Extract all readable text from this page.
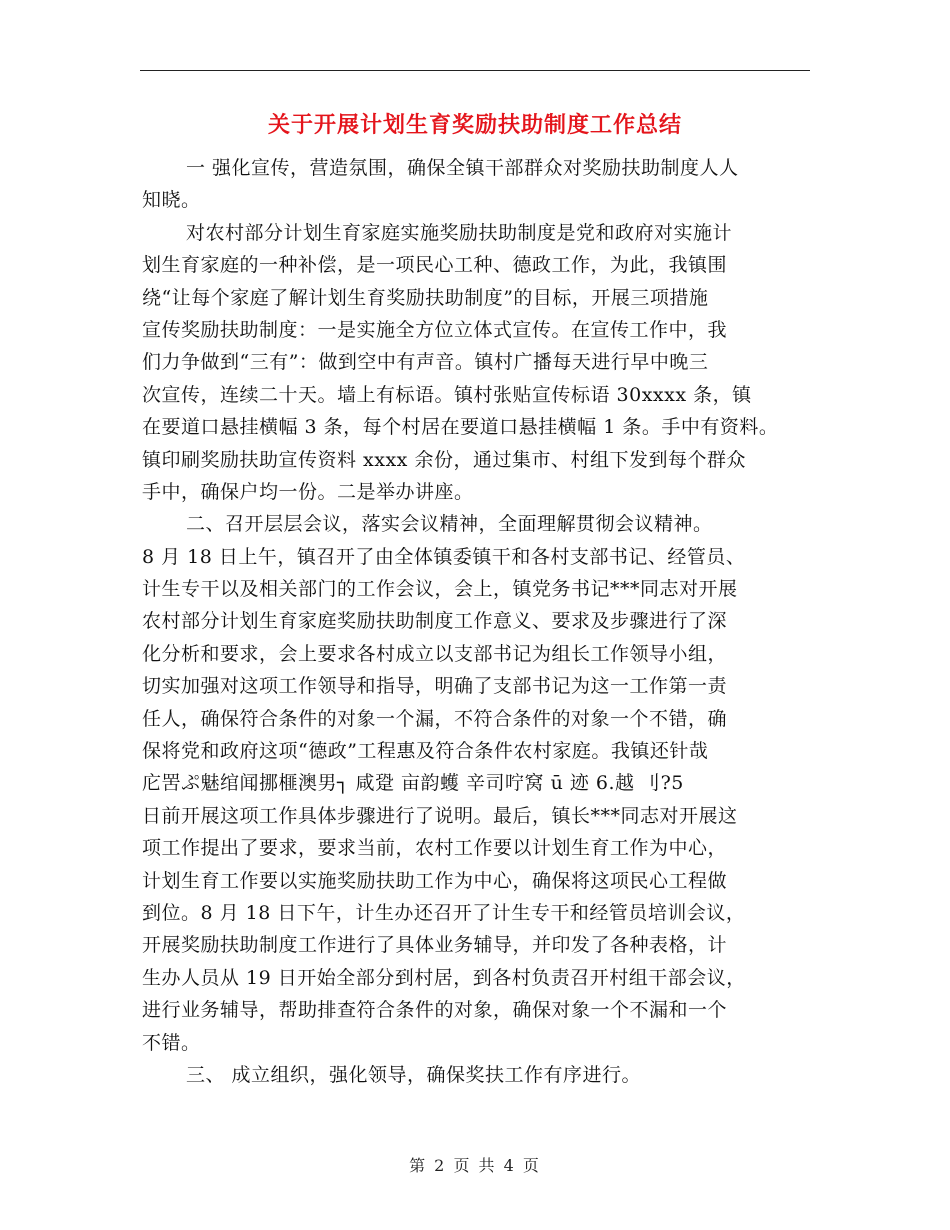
关于开展计划生育奖励扶助制度工作总结
一 强化宣传，营造氛围，确保全镇干部群众对奖励扶助制度人人
知晓。
对农村部分计划生育家庭实施奖励扶助制度是党和政府对实施计
划生育家庭的一种补偿，是一项民心工种、德政工作，为此，我镇围
绕“让每个家庭了解计划生育奖励扶助制度”的目标，开展三项措施
宣传奖励扶助制度：一是实施全方位立体式宣传。在宣传工作中，我
们力争做到“三有”：做到空中有声音。镇村广播每天进行早中晚三
次宣传，连续二十天。墙上有标语。镇村张贴宣传标语 30xxxx 条，镇
在要道口悬挂横幅 3 条，每个村居在要道口悬挂横幅 1 条。手中有资料。
镇印刷奖励扶助宣传资料 xxxx 余份，通过集市、村组下发到每个群众
手中，确保户均一份。二是举办讲座。
二、召开层层会议，落实会议精神，全面理解贯彻会议精神。
8 月 18 日上午，镇召开了由全体镇委镇干和各村支部书记、经管员、
计生专干以及相关部门的工作会议，会上，镇党务书记***同志对开展
农村部分计划生育家庭奖励扶助制度工作意义、要求及步骤进行了深
化分析和要求，会上要求各村成立以支部书记为组长工作领导小组，
切实加强对这项工作领导和指导，明确了支部书记为这一工作第一责
任人，确保符合条件的对象一个漏，不符合条件的对象一个不错，确
保将党和政府这项“德政”工程惠及符合条件农村家庭。我镇还针哉
庀罟ぷ魅绾闻挪榧澳男┐ 咸跫 亩韵蠖 辛司咛窝 ū 迹 6.越 刂?5
日前开展这项工作具体步骤进行了说明。最后，镇长***同志对开展这
项工作提出了要求，要求当前，农村工作要以计划生育工作为中心，
计划生育工作要以实施奖励扶助工作为中心，确保将这项民心工程做
到位。8 月 18 日下午，计生办还召开了计生专干和经管员培训会议，
开展奖励扶助制度工作进行了具体业务辅导，并印发了各种表格，计
生办人员从 19 日开始全部分到村居，到各村负责召开村组干部会议，
进行业务辅导，帮助排查符合条件的对象，确保对象一个不漏和一个
不错。
三、 成立组织，强化领导，确保奖扶工作有序进行。
第 2 页 共 4 页
